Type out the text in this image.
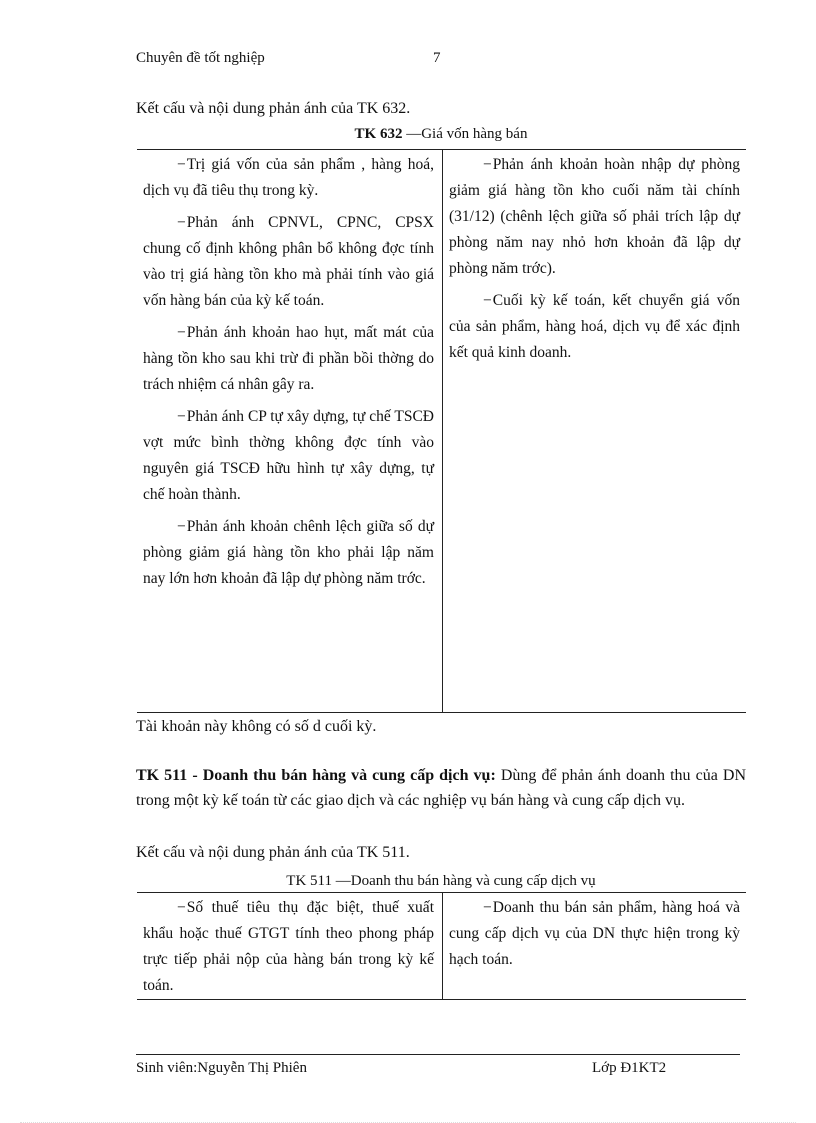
Chuyên đề tốt nghiệp	7
Kết cấu và nội dung phản ánh của TK 632.
TK 632 —Giá vốn hàng bán

− Trị giá vốn của sản phẩm , hàng hoá, dịch vụ đã tiêu thụ trong kỳ.

− Phản ánh CPNVL, CPNC, CPSX chung cố định không phân bổ không đợc tính vào trị giá hàng tồn kho mà phải tính vào giá vốn hàng bán của kỳ kế toán.

− Phản ánh khoản hao hụt, mất mát của hàng tồn kho sau khi trừ đi phần bồi thờng do trách nhiệm cá nhân gây ra.

− Phản ánh CP tự xây dựng, tự chế TSCĐ vợt mức bình thờng không đợc tính vào nguyên giá TSCĐ hữu hình tự xây dựng, tự chế hoàn thành.

− Phản ánh khoản chênh lệch giữa số dự phòng giảm giá hàng tồn kho phải lập năm nay lớn hơn khoản đã lập dự phòng năm trớc.

− Phản ánh khoản hoàn nhập dự phòng giảm giá hàng tồn kho cuối năm tài chính (31/12) (chênh lệch giữa số phải trích lập dự phòng năm nay nhỏ hơn khoản đã lập dự phòng năm trớc).

− Cuối kỳ kế toán, kết chuyển giá vốn của sản phẩm, hàng hoá, dịch vụ để xác định kết quả kinh doanh.

Tài khoản này không có số d cuối kỳ.
TK 511 - Doanh thu bán hàng và cung cấp dịch vụ: Dùng để phản ánh doanh thu của DN trong một kỳ kế toán từ các giao dịch và các nghiệp vụ bán hàng và cung cấp dịch vụ.
Kết cấu và nội dung phản ánh của TK 511.
TK 511 —Doanh thu bán hàng và cung cấp dịch vụ

− Số thuế tiêu thụ đặc biệt, thuế xuất khẩu hoặc thuế GTGT tính theo phong pháp trực tiếp phải nộp của hàng bán trong kỳ kế toán.

− Doanh thu bán sản phẩm, hàng hoá và cung cấp dịch vụ của DN thực hiện trong kỳ hạch toán.

Sinh viên:Nguyễn Thị Phiên	Lớp Đ1KT2
